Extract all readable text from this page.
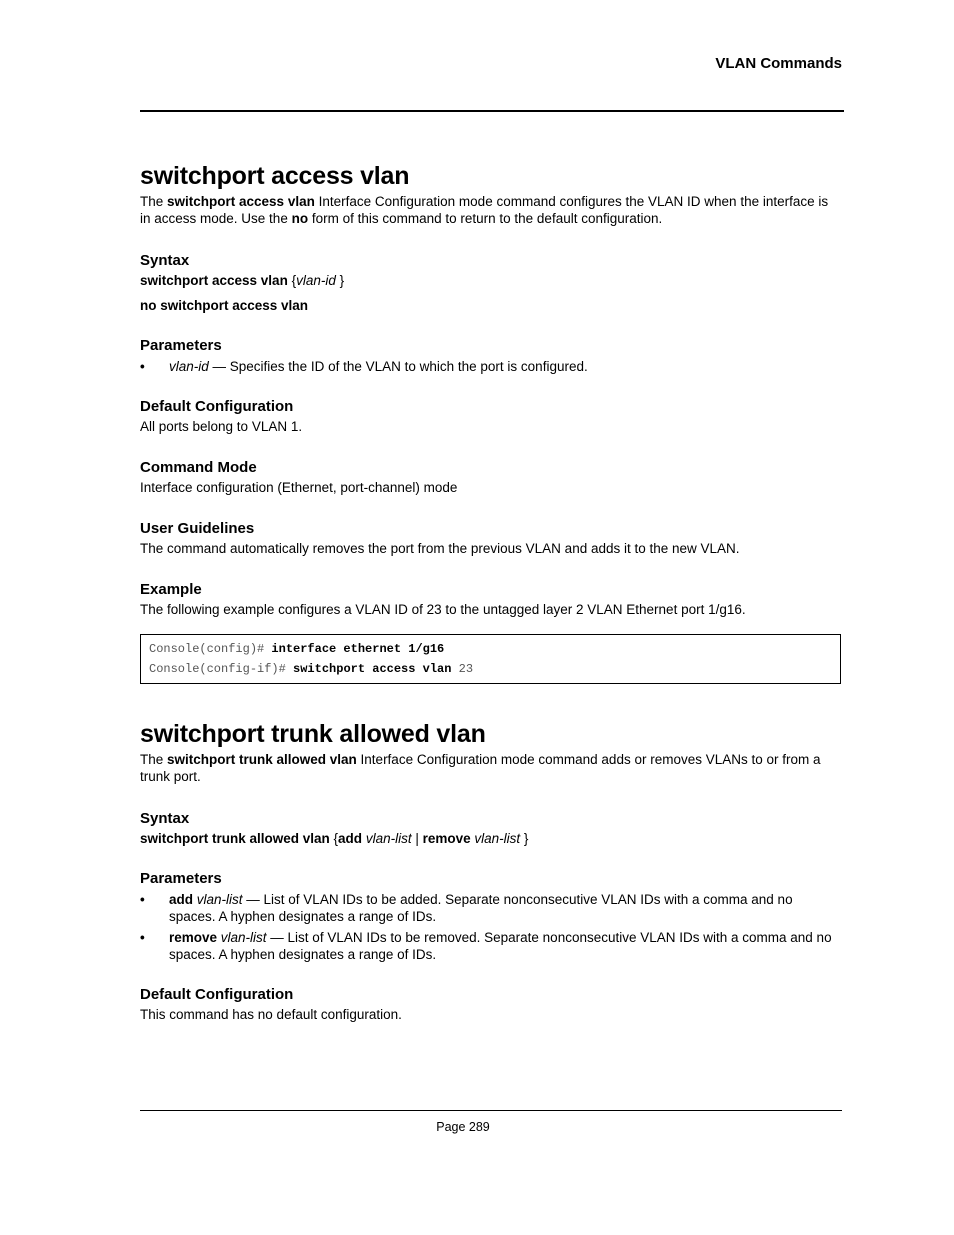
VLAN Commands
switchport access vlan

The switchport access vlan Interface Configuration mode command configures the VLAN ID when the interface is in access mode. Use the no form of this command to return to the default configuration.

Syntax
switchport access vlan {vlan-id }
no switchport access vlan
Parameters
• vlan-id — Specifies the ID of the VLAN to which the port is configured.
Default Configuration

All ports belong to VLAN 1.

Command Mode

Interface configuration (Ethernet, port-channel) mode

User Guidelines

The command automatically removes the port from the previous VLAN and adds it to the new VLAN.

Example

The following example configures a VLAN ID of 23 to the untagged layer 2 VLAN Ethernet port 1/g16.

Console(config)# interface ethernet 1/g16
Console(config-if)# switchport access vlan 23
switchport trunk allowed vlan

The switchport trunk allowed vlan Interface Configuration mode command adds or removes VLANs to or from a trunk port.

Syntax
switchport trunk allowed vlan {add vlan-list | remove vlan-list }
Parameters
• add vlan-list — List of VLAN IDs to be added. Separate nonconsecutive VLAN IDs with a comma and no spaces. A hyphen designates a range of IDs.
• remove vlan-list — List of VLAN IDs to be removed. Separate nonconsecutive VLAN IDs with a comma and no spaces. A hyphen designates a range of IDs.
Default Configuration

This command has no default configuration.

Page 289
